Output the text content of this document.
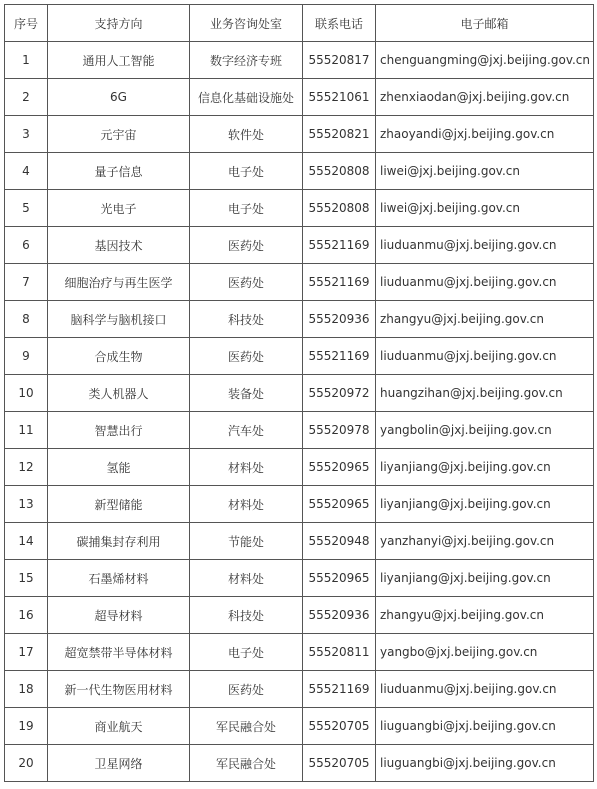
序号	支持方向	业务咨询处室	联系电话	电子邮箱
1	通用人工智能	数字经济专班	55520817	chenguangming@jxj.beijing.gov.cn
2	6G	信息化基础设施处	55521061	zhenxiaodan@jxj.beijing.gov.cn
3	元宇宙	软件处	55520821	zhaoyandi@jxj.beijing.gov.cn
4	量子信息	电子处	55520808	liwei@jxj.beijing.gov.cn
5	光电子	电子处	55520808	liwei@jxj.beijing.gov.cn
6	基因技术	医药处	55521169	liuduanmu@jxj.beijing.gov.cn
7	细胞治疗与再生医学	医药处	55521169	liuduanmu@jxj.beijing.gov.cn
8	脑科学与脑机接口	科技处	55520936	zhangyu@jxj.beijing.gov.cn
9	合成生物	医药处	55521169	liuduanmu@jxj.beijing.gov.cn
10	类人机器人	装备处	55520972	huangzihan@jxj.beijing.gov.cn
11	智慧出行	汽车处	55520978	yangbolin@jxj.beijing.gov.cn
12	氢能	材料处	55520965	liyanjiang@jxj.beijing.gov.cn
13	新型储能	材料处	55520965	liyanjiang@jxj.beijing.gov.cn
14	碳捕集封存利用	节能处	55520948	yanzhanyi@jxj.beijing.gov.cn
15	石墨烯材料	材料处	55520965	liyanjiang@jxj.beijing.gov.cn
16	超导材料	科技处	55520936	zhangyu@jxj.beijing.gov.cn
17	超宽禁带半导体材料	电子处	55520811	yangbo@jxj.beijing.gov.cn
18	新一代生物医用材料	医药处	55521169	liuduanmu@jxj.beijing.gov.cn
19	商业航天	军民融合处	55520705	liuguangbi@jxj.beijing.gov.cn
20	卫星网络	军民融合处	55520705	liuguangbi@jxj.beijing.gov.cn
